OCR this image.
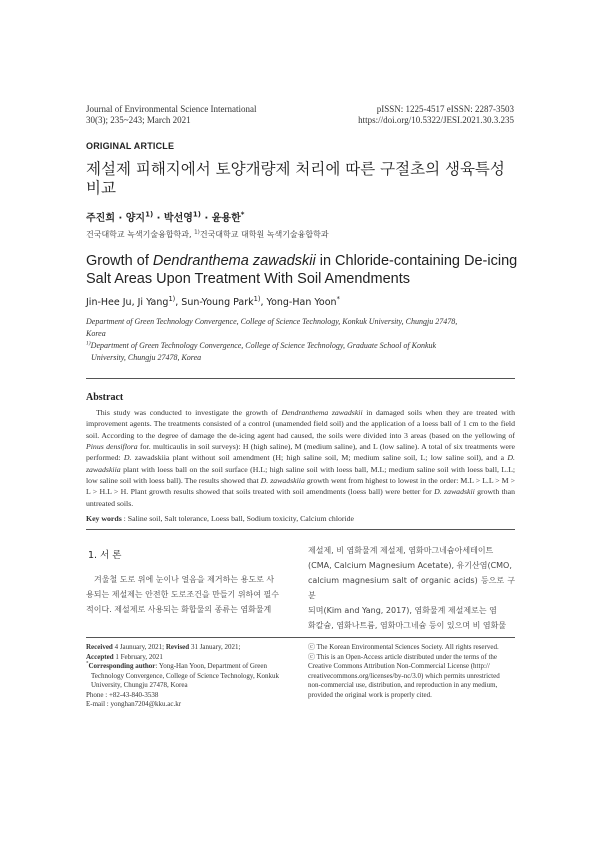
Journal of Environmental Science International
30(3); 235~243; March 2021
pISSN: 1225-4517 eISSN: 2287-3503
https://doi.org/10.5322/JESI.2021.30.3.235
ORIGINAL ARTICLE
제설제 피해지에서 토양개량제 처리에 따른 구절초의 생육특성
비교
주진희 · 양지$^{1)}$ · 박선영$^{1)}$ · 윤용한*
건국대학교 녹색기술융합학과, $^{1)}$건국대학교 대학원 녹색기술융합학과
Growth of Dendranthema zawadskii in Chloride-containing De-icing
Salt Areas Upon Treatment With Soil Amendments
Jin-Hee Ju, Ji Yang$^{1)}$, Sun-Young Park$^{1)}$, Yong-Han Yoon*
Department of Green Technology Convergence, College of Science Technology, Konkuk University, Chungju 27478,
Korea
$^{1)}$Department of Green Technology Convergence, College of Science Technology, Graduate School of Konkuk
University, Chungju 27478, Korea
Abstract

This study was conducted to investigate the growth of Dendranthema zawadskii in damaged soils when they are treated with improvement agents. The treatments consisted of a control (unamended field soil) and the application of a loess ball of 1 cm to the field soil. According to the degree of damage the de-icing agent had caused, the soils were divided into 3 areas (based on the yellowing of Pinus densiflora for. multicaulis in soil surveys): H (high saline), M (medium saline), and L (low saline). A total of six treatments were performed: D. zawadskiia plant without soil amendment (H; high saline soil, M; medium saline soil, L; low saline soil), and a D. zawadskiia plant with loess ball on the soil surface (H.L; high saline soil with loess ball, M.L; medium saline soil with loess ball, L.L; low saline soil with loess ball). The results showed that D. zawadskiia growth went from highest to lowest in the order: M.L > L.L > M > L > H.L > H. Plant growth results showed that soils treated with soil amendments (loess ball) were better for D. zawadskii growth than untreated soils.

Key words : Saline soil, Salt tolerance, Loess ball, Sodium toxicity, Calcium chloride
1. 서 론

겨울철 도로 위에 눈이나 얼음을 제거하는 용도로 사

용되는 제설제는 안전한 도로조건을 만들기 위하여 필수

적이다. 제설제로 사용되는 화합물의 종류는 염화물계

제설제, 비 염화물계 제설제, 염화마그네슘아세테이트

(CMA, Calcium Magnesium Acetate), 유기산염(CMO,

calcium magnesium salt of organic acids) 등으로 구분

되며(Kim and Yang, 2017), 염화물계 제설제로는 염

화칼슘, 염화나트륨, 염화마그네슘 등이 있으며 비 염화물

Received 4 Jaunuary, 2021; Revised 31 January, 2021;
Accepted 1 February, 2021
*Corresponding author: Yong-Han Yoon, Department of Green
Technology Convergence, College of Science Technology, Konkuk
University, Chungju 27478, Korea
Phone : +82-43-840-3538
E-mail : yonghan7204@kku.ac.kr
ⓒ The Korean Environmental Sciences Society. All rights reserved.
ⓒ This is an Open-Access article distributed under the terms of the
Creative Commons Attribution Non-Commercial License (http://
creativecommons.org/licenses/by-nc/3.0) which permits unrestricted
non-commercial use, distribution, and reproduction in any medium,
provided the original work is properly cited.
